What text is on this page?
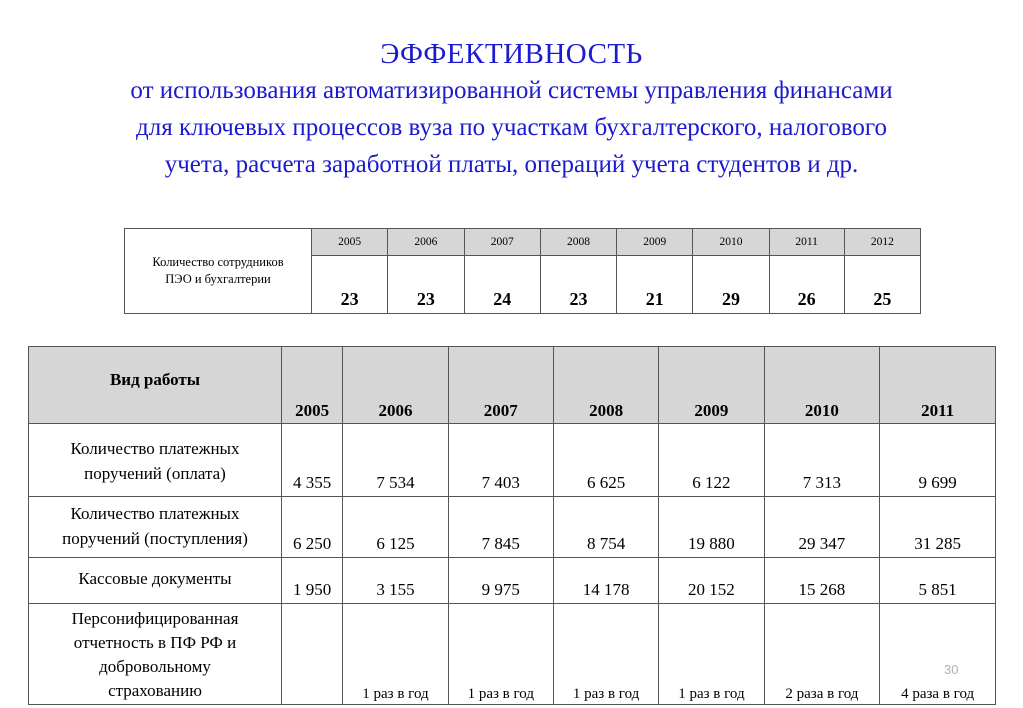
ЭФФЕКТИВНОСТЬ
от использования автоматизированной системы управления финансами
для ключевых процессов вуза по участкам бухгалтерского, налогового
учета, расчета заработной платы, операций учета студентов и др.
Количество сотрудников
ПЭО и бухгалтерии	2005	2006	2007	2008	2009	2010	2011	2012
	23	23	24	23	21	29	26	25
Вид работы	2005	2006	2007	2008	2009	2010	2011
Количество платежных
поручений (оплата)	4 355	7 534	7 403	6 625	6 122	7 313	9 699
Количество платежных
поручений (поступления)	6 250	6 125	7 845	8 754	19 880	29 347	31 285
Кассовые документы	1 950	3 155	9 975	14 178	20 152	15 268	5 851
Персонифицированная
отчетность в ПФ РФ и
добровольному
страхованию		1 раз в год	1 раз в год	1 раз в год	1 раз в год	2 раза в год	4 раза в год
30
